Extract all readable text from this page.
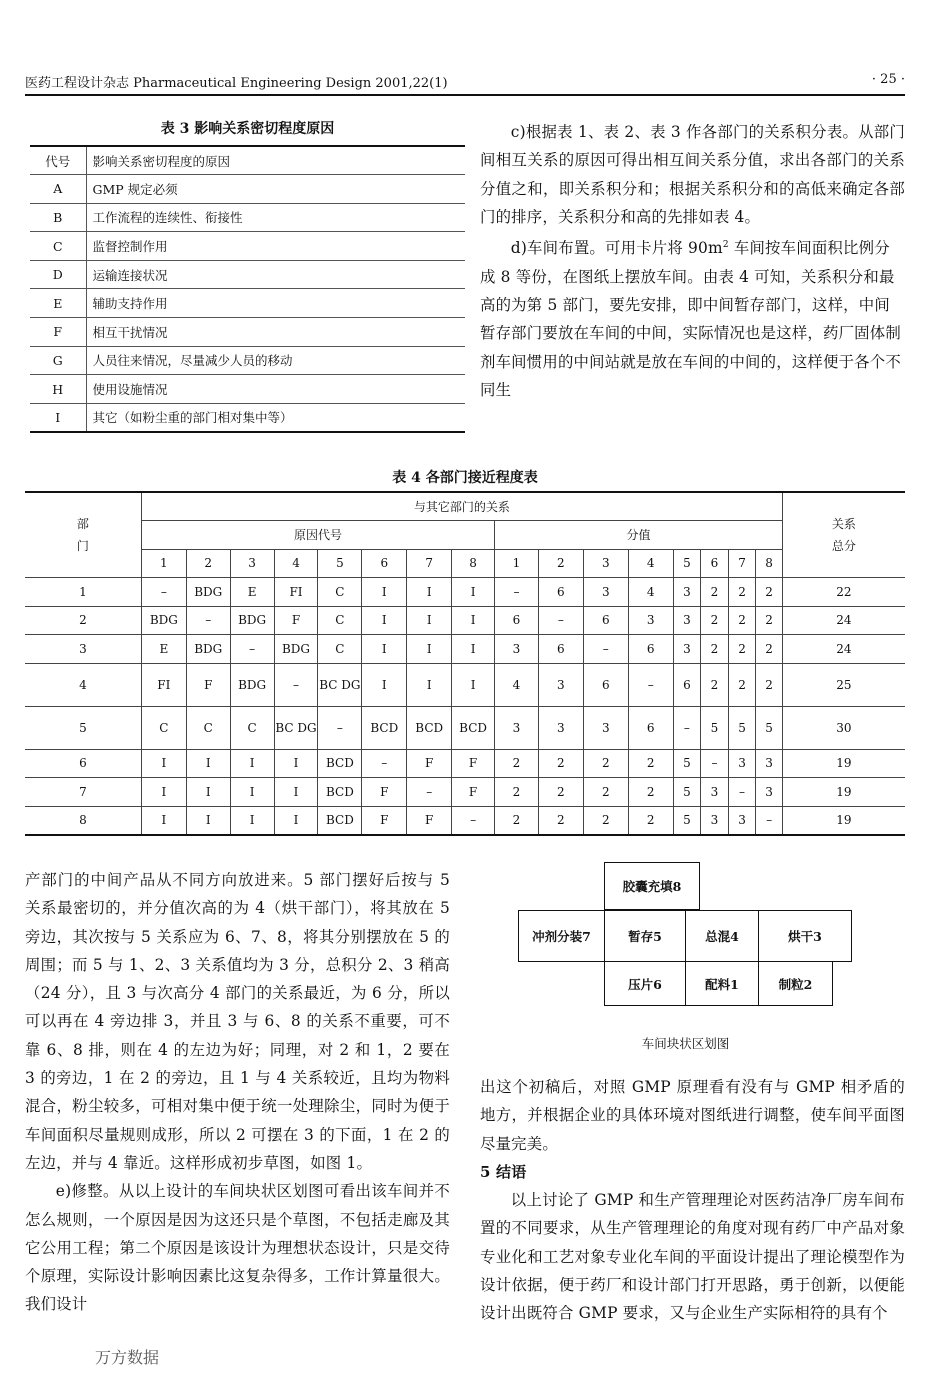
医药工程设计杂志 Pharmaceutical Engineering Design 2001,22(1)	· 25 ·
表 3 影响关系密切程度原因
代号	影响关系密切程度的原因
A	GMP 规定必须
B	工作流程的连续性、衔接性
C	监督控制作用
D	运输连接状况
E	辅助支持作用
F	相互干扰情况
G	人员往来情况，尽量减少人员的移动
H	使用设施情况
I	其它（如粉尘重的部门相对集中等）

c)根据表 1、表 2、表 3 作各部门的关系积分表。从部门间相互关系的原因可得出相互间关系分值，求出各部门的关系分值之和，即关系积分和；根据关系积分和的高低来确定各部门的排序，关系积分和高的先排如表 4。

d)车间布置。可用卡片将 $90m^2$ 车间按车间面积比例分成 8 等份，在图纸上摆放车间。由表 4 可知，关系积分和最高的为第 5 部门，要先安排，即中间暂存部门，这样，中间暂存部门要放在车间的中间，实际情况也是这样，药厂固体制剂车间惯用的中间站就是放在车间的中间的，这样便于各个不同生

表 4 各部门接近程度表
部门	与其它部门的关系																关系总分
	原因代号								分值								
	1	2	3	4	5	6	7	8	1	2	3	4	5	6	7	8	
1	–	BDG	E	FI	C	I	I	I	–	6	3	4	3	2	2	2	22
2	BDG	–	BDG	F	C	I	I	I	6	–	6	3	3	2	2	2	24
3	E	BDG	–	BDG	C	I	I	I	3	6	–	6	3	2	2	2	24
4	FI	F	BDG	–	BC DG	I	I	I	4	3	6	–	6	2	2	2	25
5	C	C	C	BC DG	–	BCD	BCD	BCD	3	3	3	6	–	5	5	5	30
6	I	I	I	I	BCD	–	F	F	2	2	2	2	5	–	3	3	19
7	I	I	I	I	BCD	F	–	F	2	2	2	2	5	3	–	3	19
8	I	I	I	I	BCD	F	F	–	2	2	2	2	5	3	3	–	19

产部门的中间产品从不同方向放进来。5 部门摆好后按与 5 关系最密切的，并分值次高的为 4（烘干部门），将其放在 5 旁边，其次按与 5 关系应为 6、7、8，将其分别摆放在 5 的周围；而 5 与 1、2、3 关系值均为 3 分，总积分 2、3 稍高（24 分），且 3 与次高分 4 部门的关系最近，为 6 分，所以可以再在 4 旁边排 3，并且 3 与 6、8 的关系不重要，可不靠 6、8 排，则在 4 的左边为好；同理，对 2 和 1，2 要在 3 的旁边，1 在 2 的旁边，且 1 与 4 关系较近，且均为物料混合，粉尘较多，可相对集中便于统一处理除尘，同时为便于车间面积尽量规则成形，所以 2 可摆在 3 的下面，1 在 2 的左边，并与 4 靠近。这样形成初步草图，如图 1。

e)修整。从以上设计的车间块状区划图可看出该车间并不怎么规则，一个原因是因为这还只是个草图，不包括走廊及其它公用工程；第二个原因是该设计为理想状态设计，只是交待个原理，实际设计影响因素比这复杂得多，工作计算量很大。我们设计

万方数据
胶囊充填8
冲剂分装7	暂存5	总混4	烘干3
压片6	配料1	制粒2
车间块状区划图

出这个初稿后，对照 GMP 原理看有没有与 GMP 相矛盾的地方，并根据企业的具体环境对图纸进行调整，使车间平面图尽量完美。

5 结语

以上讨论了 GMP 和生产管理理论对医药洁净厂房车间布置的不同要求，从生产管理理论的角度对现有药厂中产品对象专业化和工艺对象专业化车间的平面设计提出了理论模型作为设计依据，便于药厂和设计部门打开思路，勇于创新，以便能设计出既符合 GMP 要求，又与企业生产实际相符的具有个
